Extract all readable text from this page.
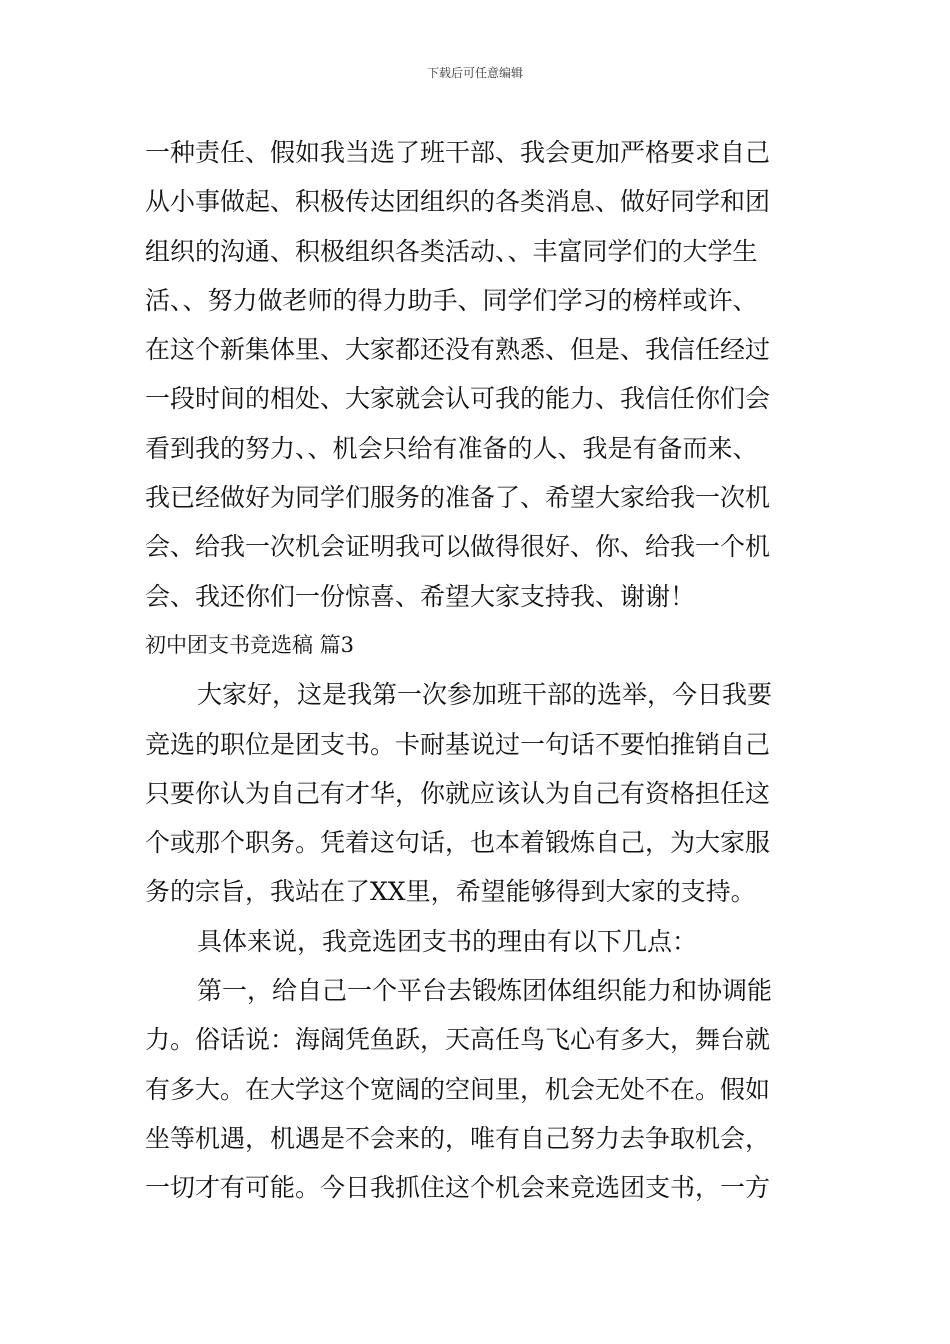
下载后可任意编辑
一种责任、假如我当选了班干部、我会更加严格要求自己
从小事做起、积极传达团组织的各类消息、做好同学和团
组织的沟通、积极组织各类活动、、丰富同学们的大学生
活、、努力做老师的得力助手、同学们学习的榜样或许、
在这个新集体里、大家都还没有熟悉、但是、我信任经过
一段时间的相处、大家就会认可我的能力、我信任你们会
看到我的努力、、机会只给有准备的人、我是有备而来、
我已经做好为同学们服务的准备了、希望大家给我一次机
会、给我一次机会证明我可以做得很好、你、给我一个机
会、我还你们一份惊喜、希望大家支持我、谢谢！
初中团支书竞选稿 篇3
大家好，这是我第一次参加班干部的选举，今日我要
竞选的职位是团支书。卡耐基说过一句话不要怕推销自己
只要你认为自己有才华，你就应该认为自己有资格担任这
个或那个职务。凭着这句话，也本着锻炼自己，为大家服
务的宗旨，我站在了XX里，希望能够得到大家的支持。
具体来说，我竞选团支书的理由有以下几点：
第一，给自己一个平台去锻炼团体组织能力和协调能
力。俗话说：海阔凭鱼跃，天高任鸟飞心有多大，舞台就
有多大。在大学这个宽阔的空间里，机会无处不在。假如
坐等机遇，机遇是不会来的，唯有自己努力去争取机会，
一切才有可能。今日我抓住这个机会来竞选团支书，一方
